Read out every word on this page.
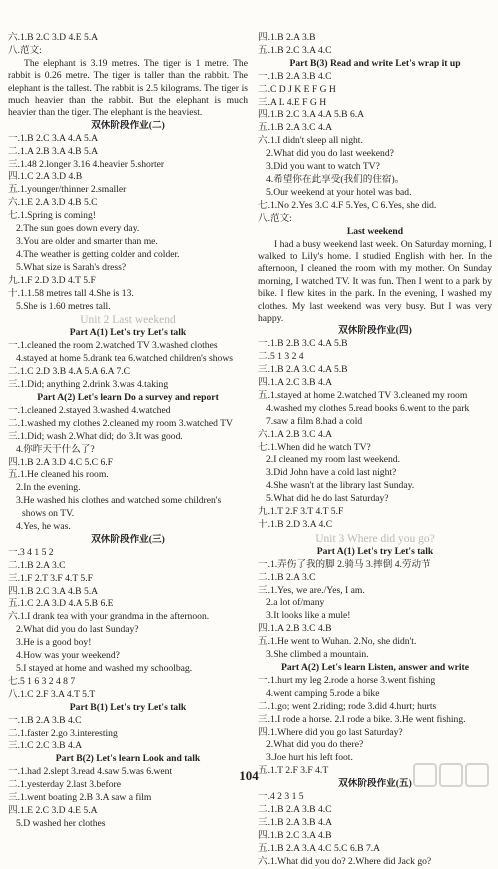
六.1.B 2.C 3.D 4.E 5.A
八.范文:
The elephant is 3.19 metres. The tiger is 1 metre. The rabbit is 0.26 metre. The tiger is taller than the rabbit. The elephant is the tallest. The rabbit is 2.5 kilograms. The tiger is much heavier than the rabbit. But the elephant is much heavier than the tiger. The elephant is the heaviest.
双休阶段作业(二)
一.1.B 2.C 3.A 4.A 5.A
二.1.A 2.B 3.A 4.B 5.A
三.1.48 2.longer 3.16 4.heavier 5.shorter
四.1.C 2.A 3.D 4.B
五.1.younger/thinner 2.smaller
六.1.E 2.A 3.D 4.B 5.C
七.1.Spring is coming!
2.The sun goes down every day.
3.You are older and smarter than me.
4.The weather is getting colder and colder.
5.What size is Sarah's dress?
九.1.F 2.D 3.D 4.T 5.F
十.1.1.58 metres tall 4.She is 13.
5.She is 1.60 metres tall.
Unit 2 Last weekend
Part A(1) Let's try Let's talk
一.1.cleaned the room 2.watched TV 3.washed clothes
4.stayed at home 5.drank tea 6.watched children's shows
二.1.C 2.D 3.B 4.A 5.A 6.A 7.C
三.1.Did; anything 2.drink 3.was 4.taking
Part A(2) Let's learn Do a survey and report
一.1.cleaned 2.stayed 3.washed 4.watched
二.1.washed my clothes 2.cleaned my room 3.watched TV
三.1.Did; wash 2.What did; do 3.It was good.
4.你昨天干什么了?
四.1.B 2.A 3.D 4.C 5.C 6.F
五.1.He cleaned his room.
2.In the evening.
3.He washed his clothes and watched some children's
shows on TV.
4.Yes, he was.
双休阶段作业(三)
一.3 4 1 5 2
二.1.B 2.A 3.C
三.1.F 2.T 3.F 4.T 5.F
四.1.B 2.C 3.A 4.B 5.A
五.1.C 2.A 3.D 4.A 5.B 6.E
六.1.I drank tea with your grandma in the afternoon.
2.What did you do last Sunday?
3.He is a good boy!
4.How was your weekend?
5.I stayed at home and washed my schoolbag.
七.5 1 6 3 2 4 8 7
八.1.C 2.F 3.A 4.T 5.T
Part B(1) Let's try Let's talk
一.1.B 2.A 3.B 4.C
二.1.faster 2.go 3.interesting
三.1.C 2.C 3.B 4.A
Part B(2) Let's learn Look and talk
一.1.had 2.slept 3.read 4.saw 5.was 6.went
二.1.yesterday 2.last 3.before
三.1.went boating 2.B 3.A saw a film
四.1.E 2.C 3.D 4.E 5.A
5.D washed her clothes
四.1.B 2.A 3.B
五.1.B 2.C 3.A 4.C
Part B(3) Read and write Let's wrap it up
一.1.B 2.A 3.B 4.C
二.C D J K E F G H
三.A L 4.E F G H
四.1.B 2.C 3.A 4.A 5.B 6.A
五.1.B 2.A 3.C 4.A
六.1.I didn't sleep all night.
2.What did you do last weekend?
3.Did you want to watch TV?
4.希望你在此享受(我们的住宿)。
5.Our weekend at your hotel was bad.
七.1.No 2.Yes 3.C 4.F 5.Yes, C 6.Yes, she did.
八.范文:
Last weekend
I had a busy weekend last week. On Saturday morning, I walked to Lily's home. I studied English with her. In the afternoon, I cleaned the room with my mother. On Sunday morning, I watched TV. It was fun. Then I went to a park by bike. I flew kites in the park. In the evening, I washed my clothes. My last weekend was very busy. But I was very happy.
双休阶段作业(四)
一.1.B 2.B 3.C 4.A 5.B
二.5 1 3 2 4
三.1.B 2.A 3.C 4.A 5.B
四.1.A 2.C 3.B 4.A
五.1.stayed at home 2.watched TV 3.cleaned my room
4.washed my clothes 5.read books 6.went to the park
7.saw a film 8.had a cold
六.1.A 2.B 3.C 4.A
七.1.When did he watch TV?
2.I cleaned my room last weekend.
3.Did John have a cold last night?
4.She wasn't at the library last Sunday.
5.What did he do last Saturday?
九.1.T 2.F 3.T 4.T 5.F
十.1.B 2.D 3.A 4.C
Unit 3 Where did you go?
Part A(1) Let's try Let's talk
一.1.弄伤了我的脚 2.骑马 3.摔倒 4.劳动节
二.1.B 2.A 3.C
三.1.Yes, we are./Yes, I am.
2.a lot of/many
3.It looks like a mule!
四.1.A 2.B 3.C 4.B
五.1.He went to Wuhan. 2.No, she didn't.
3.She climbed a mountain.
Part A(2) Let's learn Listen, answer and write
一.1.hurt my leg 2.rode a horse 3.went fishing
4.went camping 5.rode a bike
二.1.go; went 2.riding; rode 3.did 4.hurt; hurts
三.1.I rode a horse. 2.I rode a bike. 3.He went fishing.
四.1.Where did you go last Saturday?
2.What did you do there?
3.Joe hurt his left foot.
五.1.T 2.F 3.F 4.T
双休阶段作业(五)
一.4 2 3 1 5
二.1.B 2.A 3.B 4.C
三.1.B 2.A 3.B 4.A
四.1.B 2.C 3.A 4.B
五.1.B 2.A 3.A 4.C 5.C 6.B 7.A
六.1.What did you do? 2.Where did Jack go?
104
